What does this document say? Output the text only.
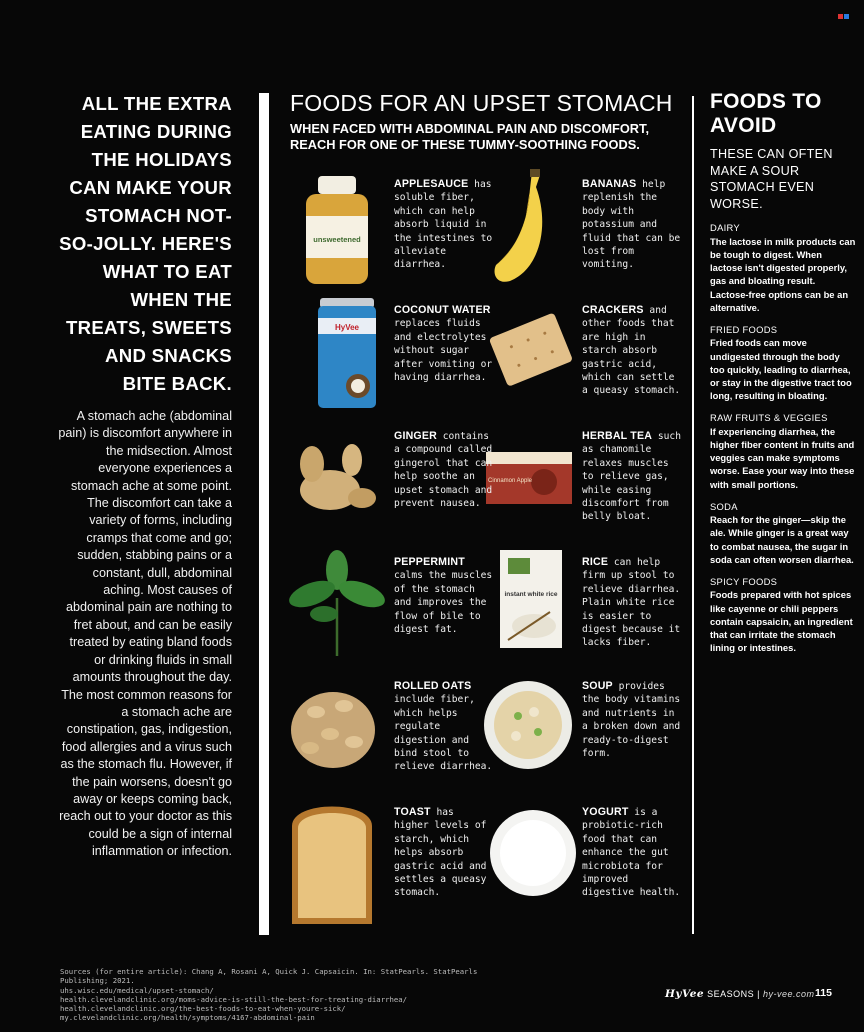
ALL THE EXTRA EATING DURING THE HOLIDAYS CAN MAKE YOUR STOMACH NOT-SO-JOLLY. HERE'S WHAT TO EAT WHEN THE TREATS, SWEETS AND SNACKS BITE BACK.
A stomach ache (abdominal pain) is discomfort anywhere in the midsection. Almost everyone experiences a stomach ache at some point. The discomfort can take a variety of forms, including cramps that come and go; sudden, stabbing pains or a constant, dull, abdominal aching. Most causes of abdominal pain are nothing to fret about, and can be easily treated by eating bland foods or drinking fluids in small amounts throughout the day. The most common reasons for a stomach ache are constipation, gas, indigestion, food allergies and a virus such as the stomach flu. However, if the pain worsens, doesn't go away or keeps coming back, reach out to your doctor as this could be a sign of internal inflammation or infection.
FOODS FOR AN UPSET STOMACH
WHEN FACED WITH ABDOMINAL PAIN AND DISCOMFORT, REACH FOR ONE OF THESE TUMMY-SOOTHING FOODS.
unsweetened
HyVee
Cinnamon Apple
instant white rice
APPLESAUCE has soluble fiber, which can help absorb liquid in the intestines to alleviate diarrhea.
BANANAS help replenish the body with potassium and fluid that can be lost from vomiting.
COCONUT WATER replaces fluids and electrolytes without sugar after vomiting or having diarrhea.
CRACKERS and other foods that are high in starch absorb gastric acid, which can settle a queasy stomach.
GINGER contains a compound called gingerol that can help soothe an upset stomach and prevent nausea.
HERBAL TEA such as chamomile relaxes muscles to relieve gas, while easing discomfort from belly bloat.
PEPPERMINT calms the muscles of the stomach and improves the flow of bile to digest fat.
RICE can help firm up stool to relieve diarrhea. Plain white rice is easier to digest because it lacks fiber.
ROLLED OATS include fiber, which helps regulate digestion and bind stool to relieve diarrhea.
SOUP provides the body vitamins and nutrients in a broken down and ready-to-digest form.
TOAST has higher levels of starch, which helps absorb gastric acid and settles a queasy stomach.
YOGURT is a probiotic-rich food that can enhance the gut microbiota for improved digestive health.
FOODS TO AVOID
THESE CAN OFTEN MAKE A SOUR STOMACH EVEN WORSE.
DAIRY
The lactose in milk products can be tough to digest. When lactose isn't digested properly, gas and bloating result. Lactose-free options can be an alternative.
FRIED FOODS
Fried foods can move undigested through the body too quickly, leading to diarrhea, or stay in the digestive tract too long, resulting in bloating.
RAW FRUITS & VEGGIES
If experiencing diarrhea, the higher fiber content in fruits and veggies can make symptoms worse. Ease your way into these with small portions.
SODA
Reach for the ginger—skip the ale. While ginger is a great way to combat nausea, the sugar in soda can often worsen diarrhea.
SPICY FOODS
Foods prepared with hot spices like cayenne or chili peppers contain capsaicin, an ingredient that can irritate the stomach lining or intestines.
Sources (for entire article): Chang A, Rosani A, Quick J. Capsaicin. In: StatPearls. StatPearls Publishing; 2021.
uhs.wisc.edu/medical/upset-stomach/
health.clevelandclinic.org/moms-advice-is-still-the-best-for-treating-diarrhea/
health.clevelandclinic.org/the-best-foods-to-eat-when-youre-sick/
my.clevelandclinic.org/health/symptoms/4167-abdominal-pain
HyVee SEASONS | hy-vee.com 115
